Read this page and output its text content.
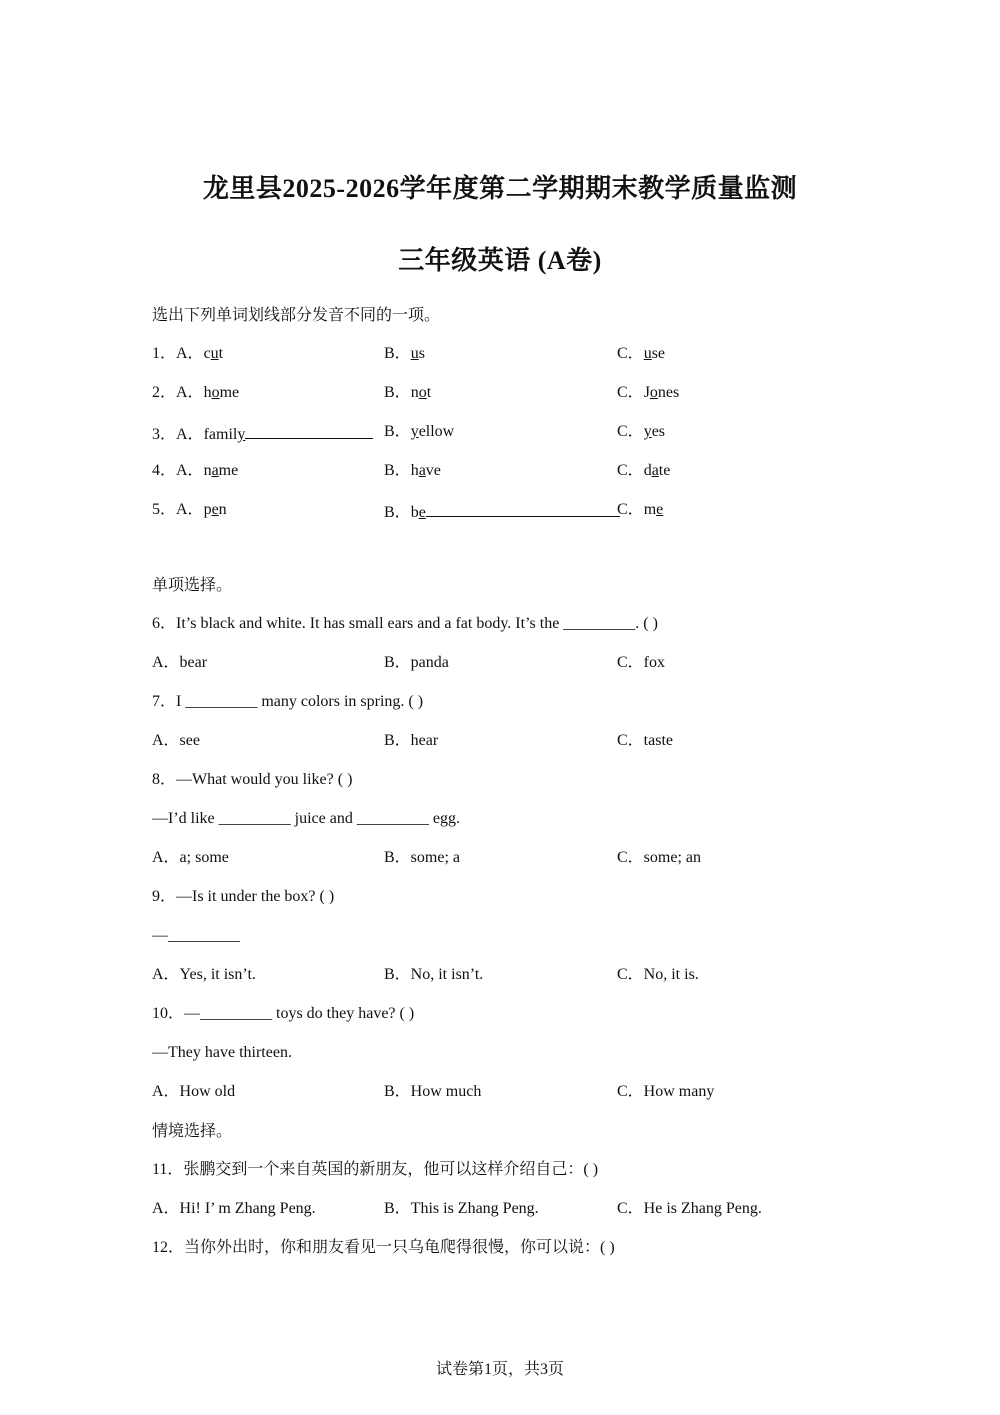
龙里县2025-2026学年度第二学期期末教学质量监测
三年级英语 (A卷)
选出下列单词划线部分发音不同的一项。
1．A．cut	B．us	C．use
2．A．home	B．not	C．Jones
3．A．family	B．yellow	C．yes
4．A．name	B．have	C．date
5．A．pen	B．be	C．me
单项选择。
6．It’s black and white. It has small ears and a fat body. It’s the _________. ( )
A．bear	B．panda	C．fox
7．I _________ many colors in spring. ( )
A．see	B．hear	C．taste
8．—What would you like? ( )
—I’d like _________ juice and _________ egg.
A．a; some	B．some; a	C．some; an
9．—Is it under the box? ( )
—_________
A．Yes, it isn’t.	B．No, it isn’t.	C．No, it is.
10．—_________ toys do they have? ( )
—They have thirteen.
A．How old	B．How much	C．How many
情境选择。
11．张鹏交到一个来自英国的新朋友，他可以这样介绍自己：( )
A．Hi! I’ m Zhang Peng.	B．This is Zhang Peng.	C．He is Zhang Peng.
12．当你外出时，你和朋友看见一只乌龟爬得很慢，你可以说：( )
试卷第1页，共3页
